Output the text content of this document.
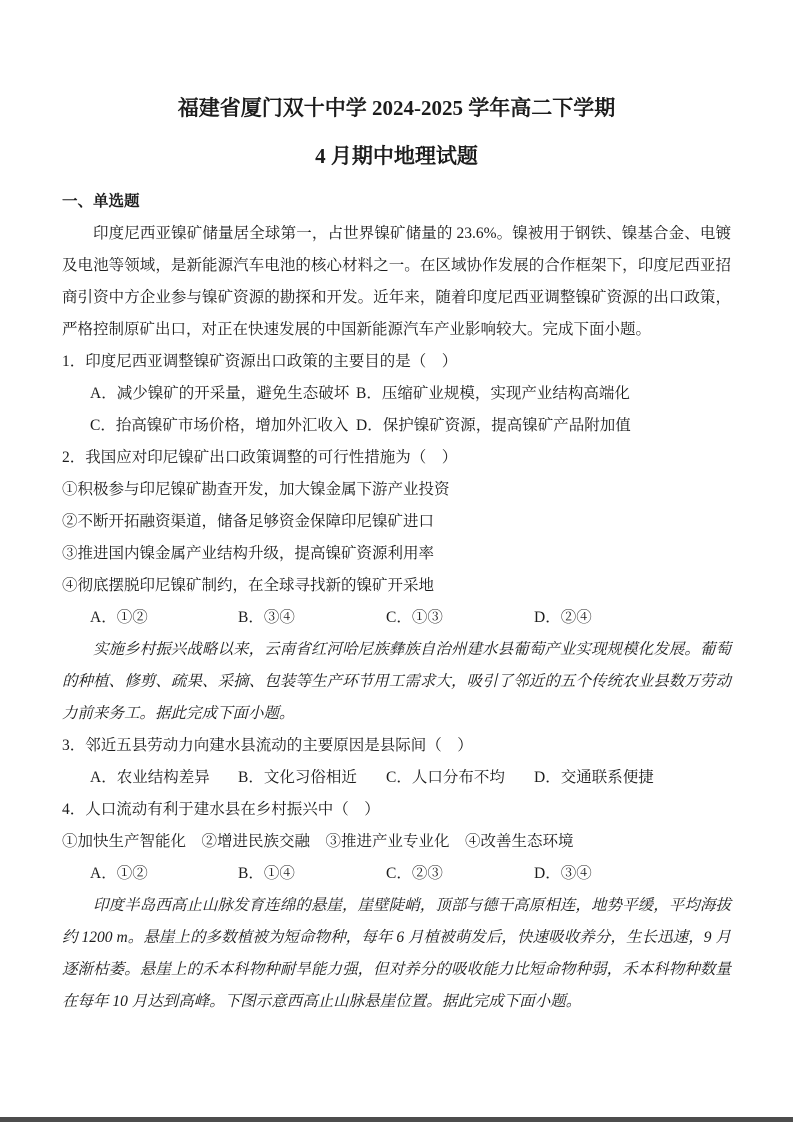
福建省厦门双十中学 2024-2025 学年高二下学期
4 月期中地理试题
一、单选题

印度尼西亚镍矿储量居全球第一，占世界镍矿储量的 23.6%。镍被用于钢铁、镍基合金、电镀及电池等领域，是新能源汽车电池的核心材料之一。在区域协作发展的合作框架下，印度尼西亚招商引资中方企业参与镍矿资源的勘探和开发。近年来，随着印度尼西亚调整镍矿资源的出口政策，严格控制原矿出口，对正在快速发展的中国新能源汽车产业影响较大。完成下面小题。

1．印度尼西亚调整镍矿资源出口政策的主要目的是（　）
A．减少镍矿的开采量，避免生态破坏 B．压缩矿业规模，实现产业结构高端化
C．抬高镍矿市场价格，增加外汇收入 D．保护镍矿资源，提高镍矿产品附加值
2．我国应对印尼镍矿出口政策调整的可行性措施为（　）
①积极参与印尼镍矿勘查开发，加大镍金属下游产业投资
②不断开拓融资渠道，储备足够资金保障印尼镍矿进口
③推进国内镍金属产业结构升级，提高镍矿资源利用率
④彻底摆脱印尼镍矿制约，在全球寻找新的镍矿开采地
A．①②	B．③④	C．①③	D．②④

实施乡村振兴战略以来，云南省红河哈尼族彝族自治州建水县葡萄产业实现规模化发展。葡萄的种植、修剪、疏果、采摘、包装等生产环节用工需求大，吸引了邻近的五个传统农业县数万劳动力前来务工。据此完成下面小题。

3．邻近五县劳动力向建水县流动的主要原因是县际间（　）
A．农业结构差异	B．文化习俗相近	C．人口分布不均	D．交通联系便捷
4．人口流动有利于建水县在乡村振兴中（　）
①加快生产智能化　②增进民族交融　③推进产业专业化　④改善生态环境
A．①②	B．①④	C．②③	D．③④

印度半岛西高止山脉发育连绵的悬崖，崖壁陡峭，顶部与德干高原相连，地势平缓，平均海拔约 1200 m。悬崖上的多数植被为短命物种，每年 6 月植被萌发后，快速吸收养分，生长迅速，9 月逐渐枯萎。悬崖上的禾本科物种耐旱能力强，但对养分的吸收能力比短命物种弱，禾本科物种数量在每年 10 月达到高峰。下图示意西高止山脉悬崖位置。据此完成下面小题。
